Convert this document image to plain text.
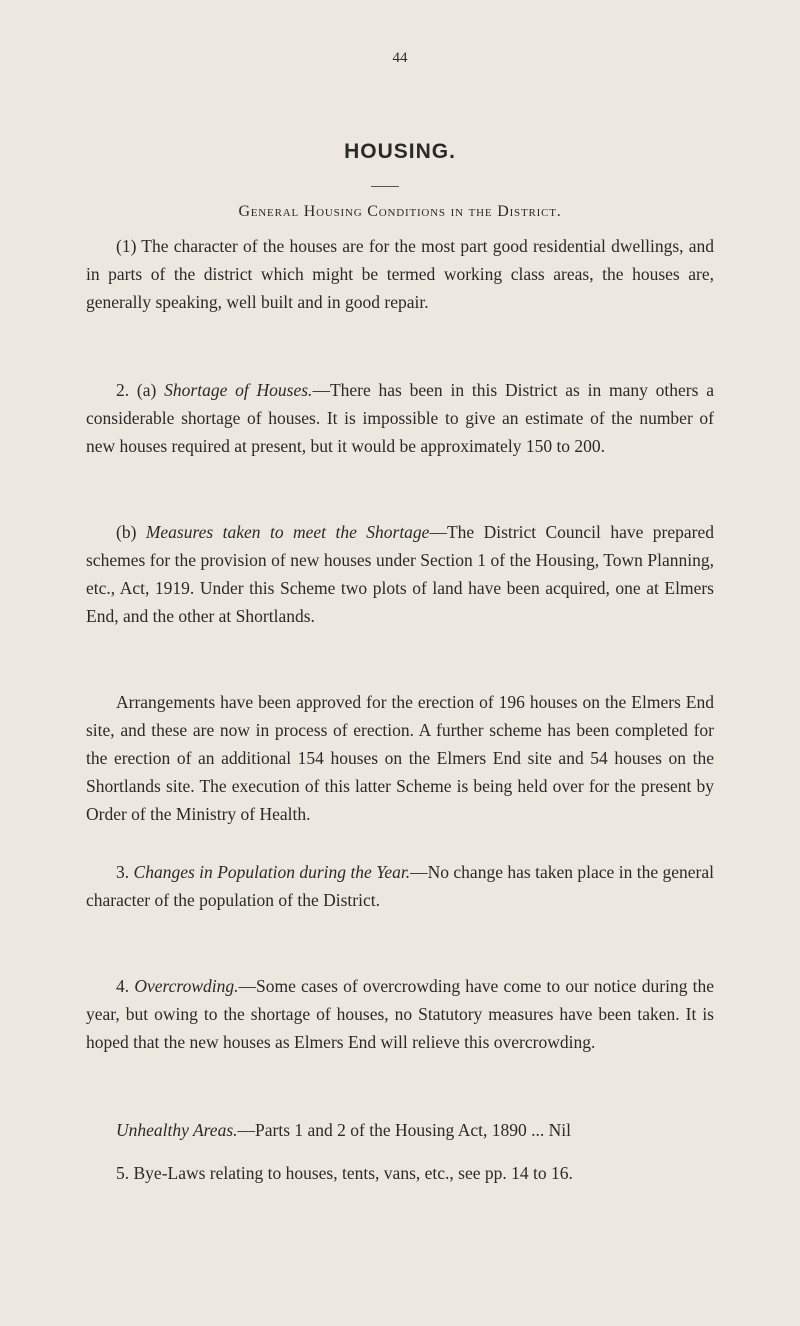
44
HOUSING.
General Housing Conditions in the District.

(1) The character of the houses are for the most part good residential dwellings, and in parts of the district which might be termed working class areas, the houses are, generally speaking, well built and in good repair.

2. (a) Shortage of Houses.—There has been in this District as in many others a considerable shortage of houses. It is impossible to give an estimate of the number of new houses required at present, but it would be approximately 150 to 200.

(b) Measures taken to meet the Shortage—The District Council have prepared schemes for the provision of new houses under Section 1 of the Housing, Town Planning, etc., Act, 1919. Under this Scheme two plots of land have been acquired, one at Elmers End, and the other at Shortlands.

Arrangements have been approved for the erection of 196 houses on the Elmers End site, and these are now in process of erection. A further scheme has been completed for the erection of an additional 154 houses on the Elmers End site and 54 houses on the Shortlands site. The execution of this latter Scheme is being held over for the present by Order of the Ministry of Health.

3. Changes in Population during the Year.—No change has taken place in the general character of the population of the District.

4. Overcrowding.—Some cases of overcrowding have come to our notice during the year, but owing to the shortage of houses, no Statutory measures have been taken. It is hoped that the new houses as Elmers End will relieve this overcrowding.

Unhealthy Areas.—Parts 1 and 2 of the Housing Act, 1890 ... Nil

5. Bye-Laws relating to houses, tents, vans, etc., see pp. 14 to 16.
